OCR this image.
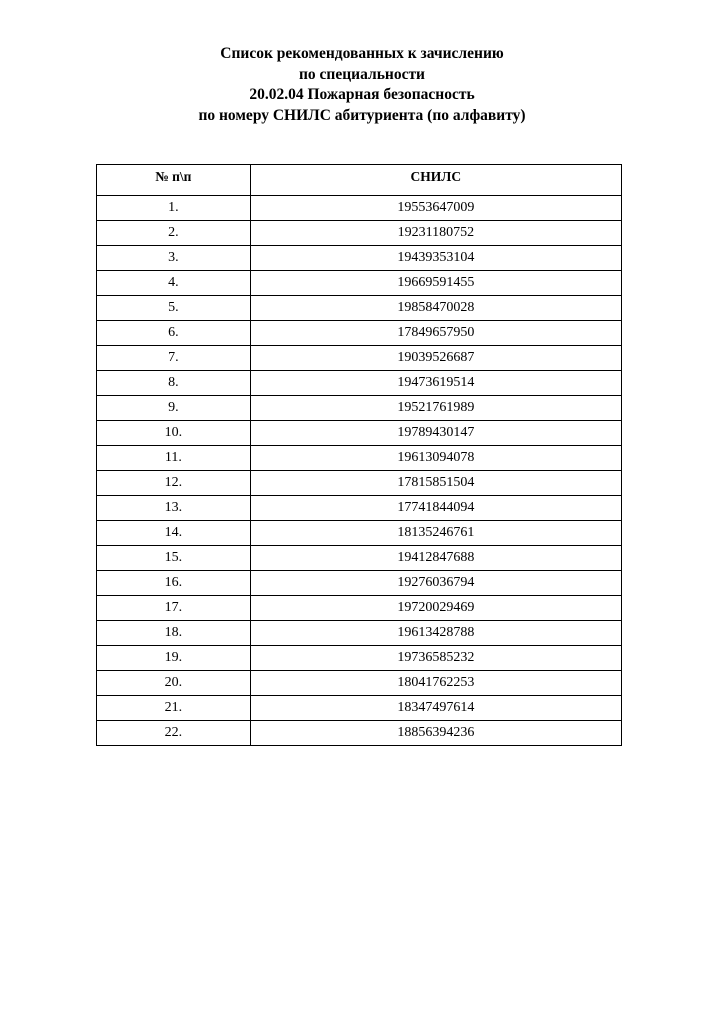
Список рекомендованных к зачислению

по специальности

20.02.04 Пожарная безопасность

по номеру СНИЛС абитуриента (по алфавиту)

№ п\п	СНИЛС
1.	19553647009
2.	19231180752
3.	19439353104
4.	19669591455
5.	19858470028
6.	17849657950
7.	19039526687
8.	19473619514
9.	19521761989
10.	19789430147
11.	19613094078
12.	17815851504
13.	17741844094
14.	18135246761
15.	19412847688
16.	19276036794
17.	19720029469
18.	19613428788
19.	19736585232
20.	18041762253
21.	18347497614
22.	18856394236
